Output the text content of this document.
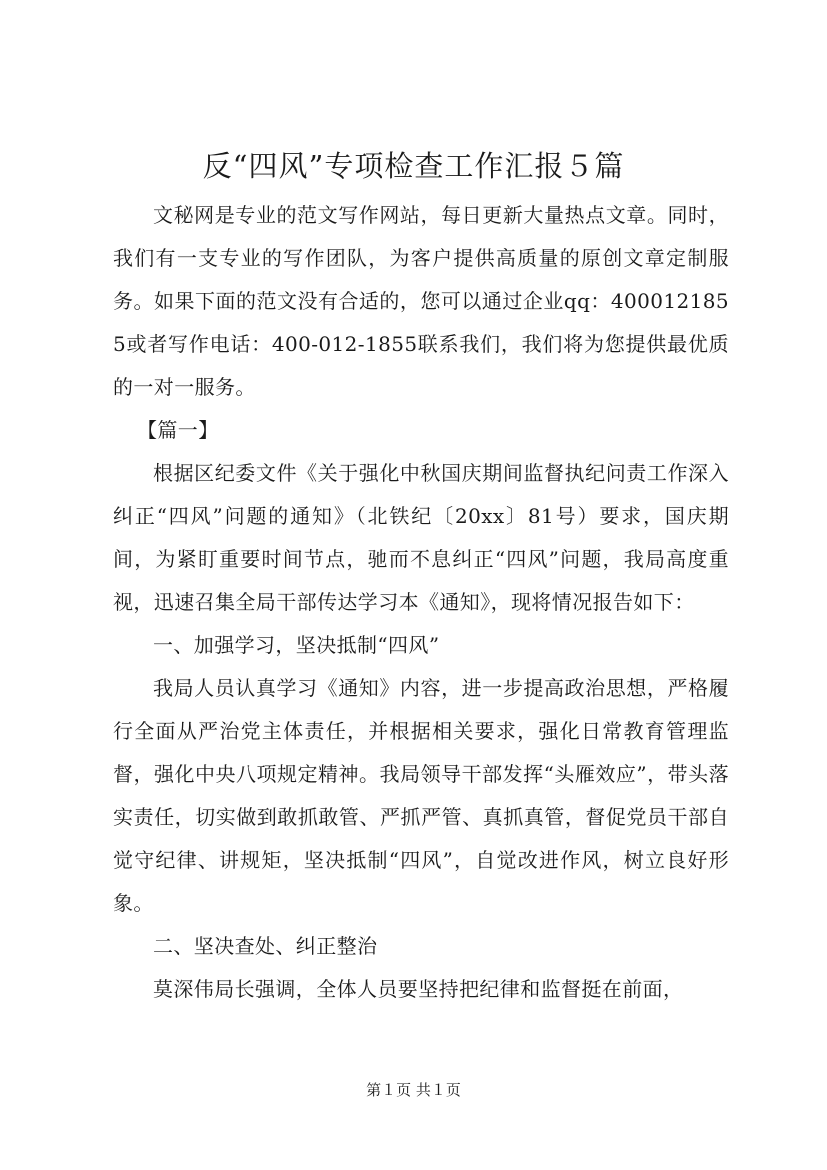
反“四风”专项检查工作汇报５篇

文秘网是专业的范文写作网站，每日更新大量热点文章。同时，我们有一支专业的写作团队，为客户提供高质量的原创文章定制服务。如果下面的范文没有合适的，您可以通过企业qq：4000121855或者写作电话：400-012-1855联系我们，我们将为您提供最优质的一对一服务。

【篇一】

根据区纪委文件《关于强化中秋国庆期间监督执纪问责工作深入纠正“四风”问题的通知》（北铁纪〔20xx〕81号）要求，国庆期间，为紧盯重要时间节点，驰而不息纠正“四风”问题，我局高度重视，迅速召集全局干部传达学习本《通知》，现将情况报告如下：

一、加强学习，坚决抵制“四风”

我局人员认真学习《通知》内容，进一步提高政治思想，严格履行全面从严治党主体责任，并根据相关要求，强化日常教育管理监督，强化中央八项规定精神。我局领导干部发挥“头雁效应”，带头落实责任，切实做到敢抓敢管、严抓严管、真抓真管，督促党员干部自觉守纪律、讲规矩，坚决抵制“四风”，自觉改进作风，树立良好形象。

二、坚决查处、纠正整治

莫深伟局长强调，全体人员要坚持把纪律和监督挺在前面，

第１页 共１页
